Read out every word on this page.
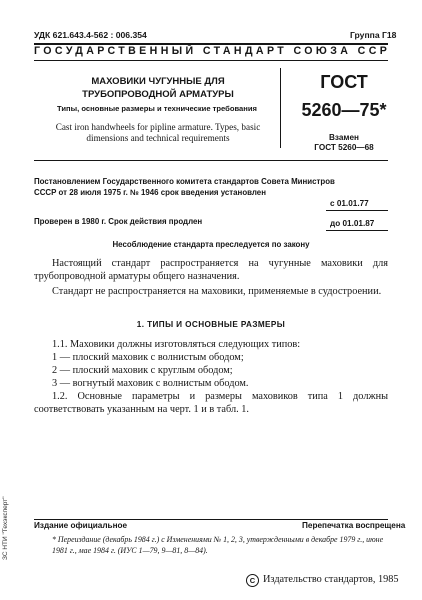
УДК 621.643.4-562 : 006.354	Группа Г18
ГОСУДАРСТВЕННЫЙ СТАНДАРТ СОЮЗА ССР
МАХОВИКИ ЧУГУННЫЕ ДЛЯ ТРУБОПРОВОДНОЙ АРМАТУРЫ
Типы, основные размеры и технические требования
Cast iron handwheels for pipline armature. Types, basic dimensions and technical requirements
ГОСТ
5260—75*
Взамен
ГОСТ 5260—68
Постановлением Государственного комитета стандартов Совета Министров СССР от 28 июля 1975 г. № 1946 срок введения установлен
с 01.01.77
Проверен в 1980 г. Срок действия продлен	до 01.01.87
Несоблюдение стандарта преследуется по закону
Настоящий стандарт распространяется на чугунные маховики для трубопроводной арматуры общего назначения.
Стандарт не распространяется на маховики, применяемые в судостроении.
1. ТИПЫ И ОСНОВНЫЕ РАЗМЕРЫ
1.1. Маховики должны изготовляться следующих типов:
1 — плоский маховик с волнистым ободом;
2 — плоский маховик с круглым ободом;
3 — вогнутый маховик с волнистым ободом.
1.2. Основные параметры и размеры маховиков типа 1 должны соответствовать указанным на черт. 1 и в табл. 1.
ЗС НТИ "Техэксперт"	Издание официальное	Перепечатка воспрещена
* Переиздание (декабрь 1984 г.) с Изменениями № 1, 2, 3, утвержденными в декабре 1979 г., июне 1981 г., мае 1984 г. (ИУС 1—79, 9—81, 8—84).
C Издательство стандартов, 1985
